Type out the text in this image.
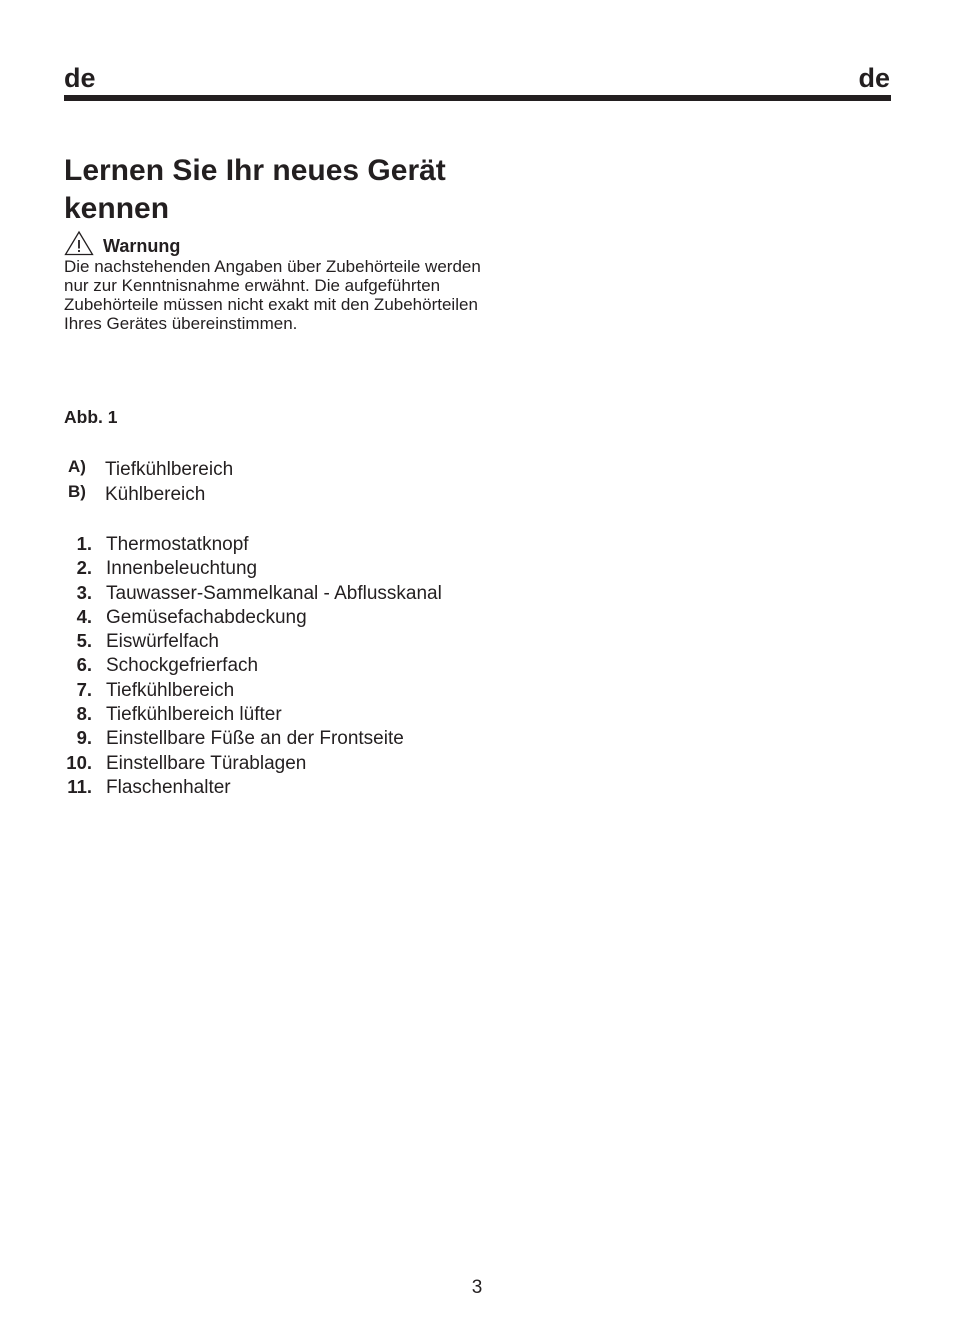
de	de
Lernen Sie Ihr neues Gerät kennen
Warnung

Die nachstehenden Angaben über Zubehörteile werden nur zur Kenntnisnahme erwähnt. Die aufgeführten Zubehörteile müssen nicht exakt mit den Zubehörteilen Ihres Gerätes übereinstimmen.

Abb. 1
A)	Tiefkühlbereich
B)	Kühlbereich
1. Thermostatknopf
2. Innenbeleuchtung
3. Tauwasser-Sammelkanal - Abflusskanal
4. Gemüsefachabdeckung
5. Eiswürfelfach
6. Schockgefrierfach
7. Tiefkühlbereich
8. Tiefkühlbereich lüfter
9. Einstellbare Füße an der Frontseite
10. Einstellbare Türablagen
11. Flaschenhalter
3
